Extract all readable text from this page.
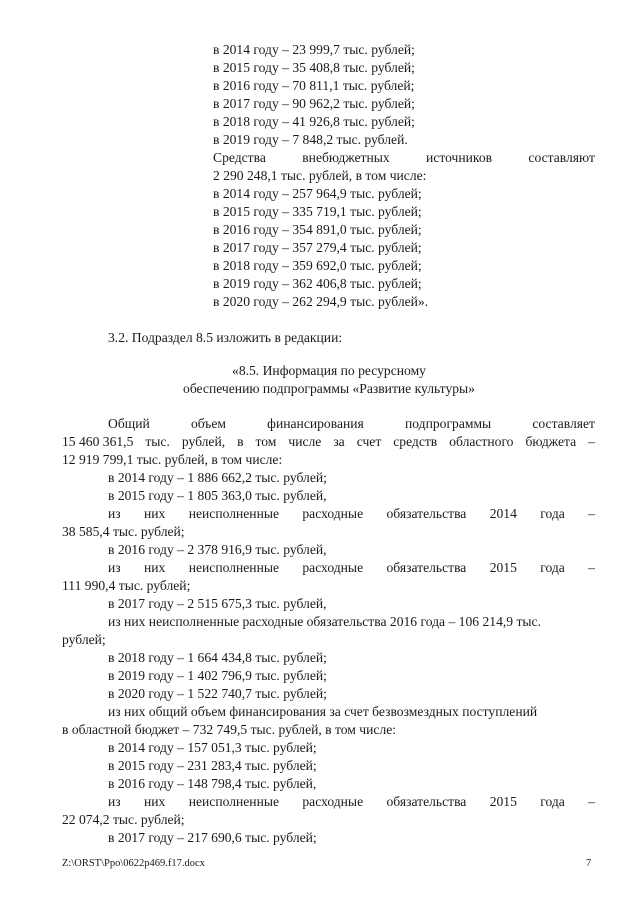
в 2014 году – 23 999,7 тыс. рублей;
в 2015 году – 35 408,8 тыс. рублей;
в 2016 году – 70 811,1 тыс. рублей;
в 2017 году – 90 962,2 тыс. рублей;
в 2018 году – 41 926,8 тыс. рублей;
в 2019 году – 7 848,2 тыс. рублей.
Средства	внебюджетных	источников	составляют
2 290 248,1 тыс. рублей, в том числе:
в 2014 году – 257 964,9 тыс. рублей;
в 2015 году – 335 719,1 тыс. рублей;
в 2016 году – 354 891,0 тыс. рублей;
в 2017 году – 357 279,4 тыс. рублей;
в 2018 году – 359 692,0 тыс. рублей;
в 2019 году – 362 406,8 тыс. рублей;
в 2020 году – 262 294,9 тыс. рублей».
3.2. Подраздел 8.5 изложить в редакции:
«8.5. Информация по ресурсному
обеспечению подпрограммы «Развитие культуры»
Общий	объем	финансирования	подпрограммы	составляет
15 460 361,5 тыс. рублей, в том числе за счет средств областного бюджета –
12 919 799,1 тыс. рублей, в том числе:
в 2014 году – 1 886 662,2 тыс. рублей;
в 2015 году – 1 805 363,0 тыс. рублей,
из них неисполненные расходные обязательства 2014 года –
38 585,4 тыс. рублей;
в 2016 году – 2 378 916,9 тыс. рублей,
из них неисполненные расходные обязательства 2015 года –
111 990,4 тыс. рублей;
в 2017 году – 2 515 675,3 тыс. рублей,
из них неисполненные расходные обязательства 2016 года – 106 214,9 тыс.
рублей;
в 2018 году – 1 664 434,8 тыс. рублей;
в 2019 году – 1 402 796,9 тыс. рублей;
в 2020 году – 1 522 740,7 тыс. рублей;
из них общий объем финансирования за счет безвозмездных поступлений
в областной бюджет – 732 749,5 тыс. рублей, в том числе:
в 2014 году – 157 051,3 тыс. рублей;
в 2015 году – 231 283,4 тыс. рублей;
в 2016 году – 148 798,4 тыс. рублей,
из них неисполненные расходные обязательства 2015 года –
22 074,2 тыс. рублей;
в 2017 году – 217 690,6 тыс. рублей;
Z:\ORST\Ppo\0622p469.f17.docx	7
